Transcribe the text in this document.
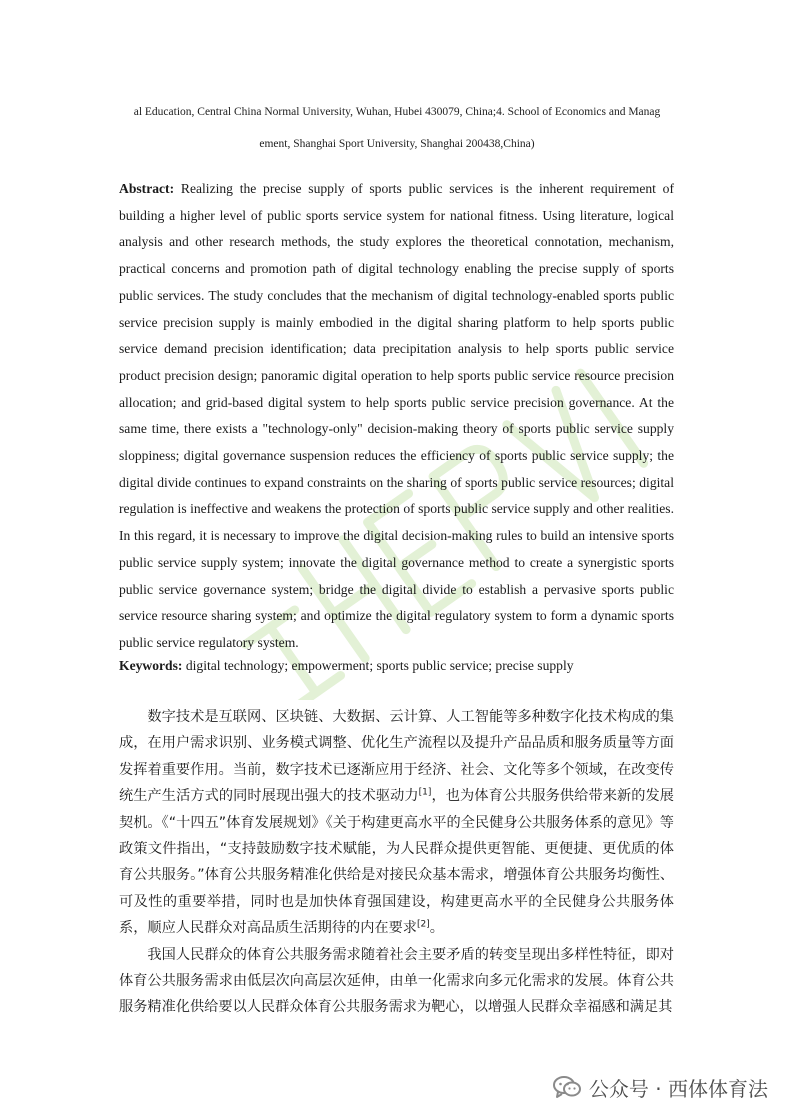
al Education, Central China Normal University, Wuhan, Hubei 430079, China;4. School of Economics and Manag
ement, Shanghai Sport University, Shanghai 200438,China)
Abstract: Realizing the precise supply of sports public services is the inherent requirement of building a higher level of public sports service system for national fitness. Using literature, logical analysis and other research methods, the study explores the theoretical connotation, mechanism, practical concerns and promotion path of digital technology enabling the precise supply of sports public services. The study concludes that the mechanism of digital technology-enabled sports public service precision supply is mainly embodied in the digital sharing platform to help sports public service demand precision identification; data precipitation analysis to help sports public service product precision design; panoramic digital operation to help sports public service resource precision allocation; and grid-based digital system to help sports public service precision governance. At the same time, there exists a "technology-only" decision-making theory of sports public service supply sloppiness; digital governance suspension reduces the efficiency of sports public service supply; the digital divide continues to expand constraints on the sharing of sports public service resources; digital regulation is ineffective and weakens the protection of sports public service supply and other realities. In this regard, it is necessary to improve the digital decision-making rules to build an intensive sports public service supply system; innovate the digital governance method to create a synergistic sports public service governance system; bridge the digital divide to establish a pervasive sports public service resource sharing system; and optimize the digital regulatory system to form a dynamic sports public service regulatory system.
Keywords: digital technology; empowerment; sports public service; precise supply

数字技术是互联网、区块链、大数据、云计算、人工智能等多种数字化技术构成的集成，在用户需求识别、业务模式调整、优化生产流程以及提升产品品质和服务质量等方面发挥着重要作用。当前，数字技术已逐渐应用于经济、社会、文化等多个领域，在改变传统生产生活方式的同时展现出强大的技术驱动力[1]，也为体育公共服务供给带来新的发展契机。《“十四五”体育发展规划》《关于构建更高水平的全民健身公共服务体系的意见》等政策文件指出，“支持鼓励数字技术赋能，为人民群众提供更智能、更便捷、更优质的体育公共服务。”体育公共服务精准化供给是对接民众基本需求，增强体育公共服务均衡性、可及性的重要举措，同时也是加快体育强国建设，构建更高水平的全民健身公共服务体系，顺应人民群众对高品质生活期待的内在要求[2]。

我国人民群众的体育公共服务需求随着社会主要矛盾的转变呈现出多样性特征，即对体育公共服务需求由低层次向高层次延伸，由单一化需求向多元化需求的发展。体育公共服务精准化供给要以人民群众体育公共服务需求为靶心，以增强人民群众幸福感和满足其

公众号 · 西体体育法
